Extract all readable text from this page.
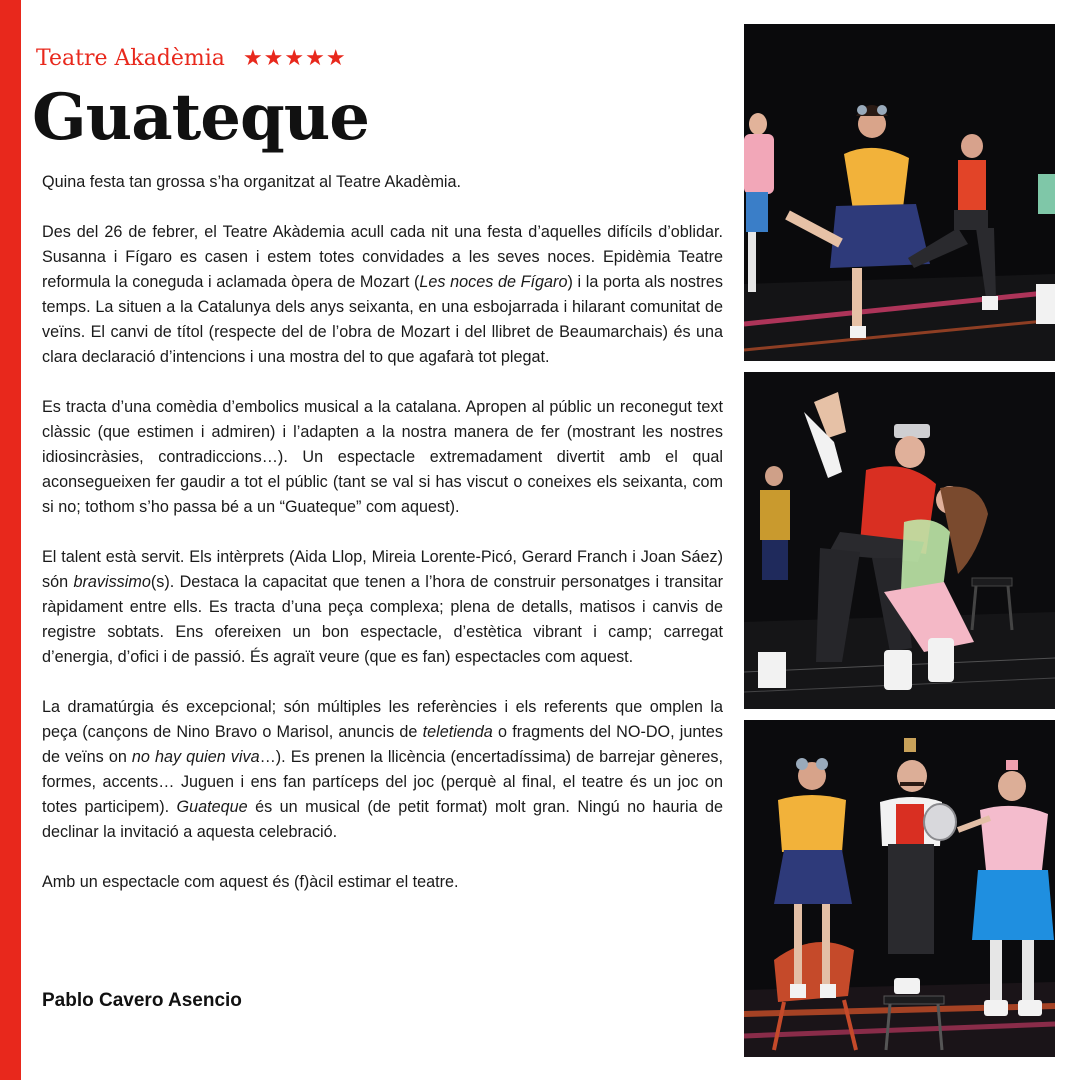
Teatre Akadèmia ★★★★★
Guateque

Quina festa tan grossa s’ha organitzat al Teatre Akadèmia.

Des del 26 de febrer, el Teatre Akàdemia acull cada nit una festa d’aquelles difícils d’oblidar. Susanna i Fígaro es casen i estem totes convidades a les seves noces. Epidèmia Teatre reformula la coneguda i aclamada òpera de Mozart (Les noces de Fígaro) i la porta als nostres temps. La situen a la Catalunya dels anys seixanta, en una esbojarrada i hilarant comunitat de veïns. El canvi de títol (respecte del de l’obra de Mozart i del llibret de Beaumarchais) és una clara declaració d’intencions i una mostra del to que agafarà tot plegat.

Es tracta d’una comèdia d’embolics musical a la catalana. Apropen al públic un reconegut text clàssic (que estimen i admiren) i l’adapten a la nostra manera de fer (mostrant les nostres idiosincràsies, contradiccions…). Un espectacle extremadament divertit amb el qual aconsegueixen fer gaudir a tot el públic (tant se val si has viscut o coneixes els seixanta, com si no; tothom s’ho passa bé a un “Guateque” com aquest).

El talent està servit. Els intèrprets (Aida Llop, Mireia Lorente-Picó, Gerard Franch i Joan Sáez) són bravissimo(s). Destaca la capacitat que tenen a l’hora de construir personatges i transitar ràpidament entre ells. Es tracta d’una peça complexa; plena de detalls, matisos i canvis de registre sobtats. Ens ofereixen un bon espectacle, d’estètica vibrant i camp; carregat d’energia, d’ofici i de passió. És agraït veure (que es fan) espectacles com aquest.

La dramatúrgia és excepcional; són múltiples les referències i els referents que omplen la peça (cançons de Nino Bravo o Marisol, anuncis de teletienda o fragments del NO-DO, juntes de veïns on no hay quien viva…). Es prenen la llicència (encertadíssima) de barrejar gèneres, formes, accents… Juguen i ens fan partíceps del joc (perquè al final, el teatre és un joc on totes participem). Guateque és un musical (de petit format) molt gran. Ningú no hauria de declinar la invitació a aquesta celebració.

Amb un espectacle com aquest és (f)àcil estimar el teatre.

Pablo Cavero Asencio
